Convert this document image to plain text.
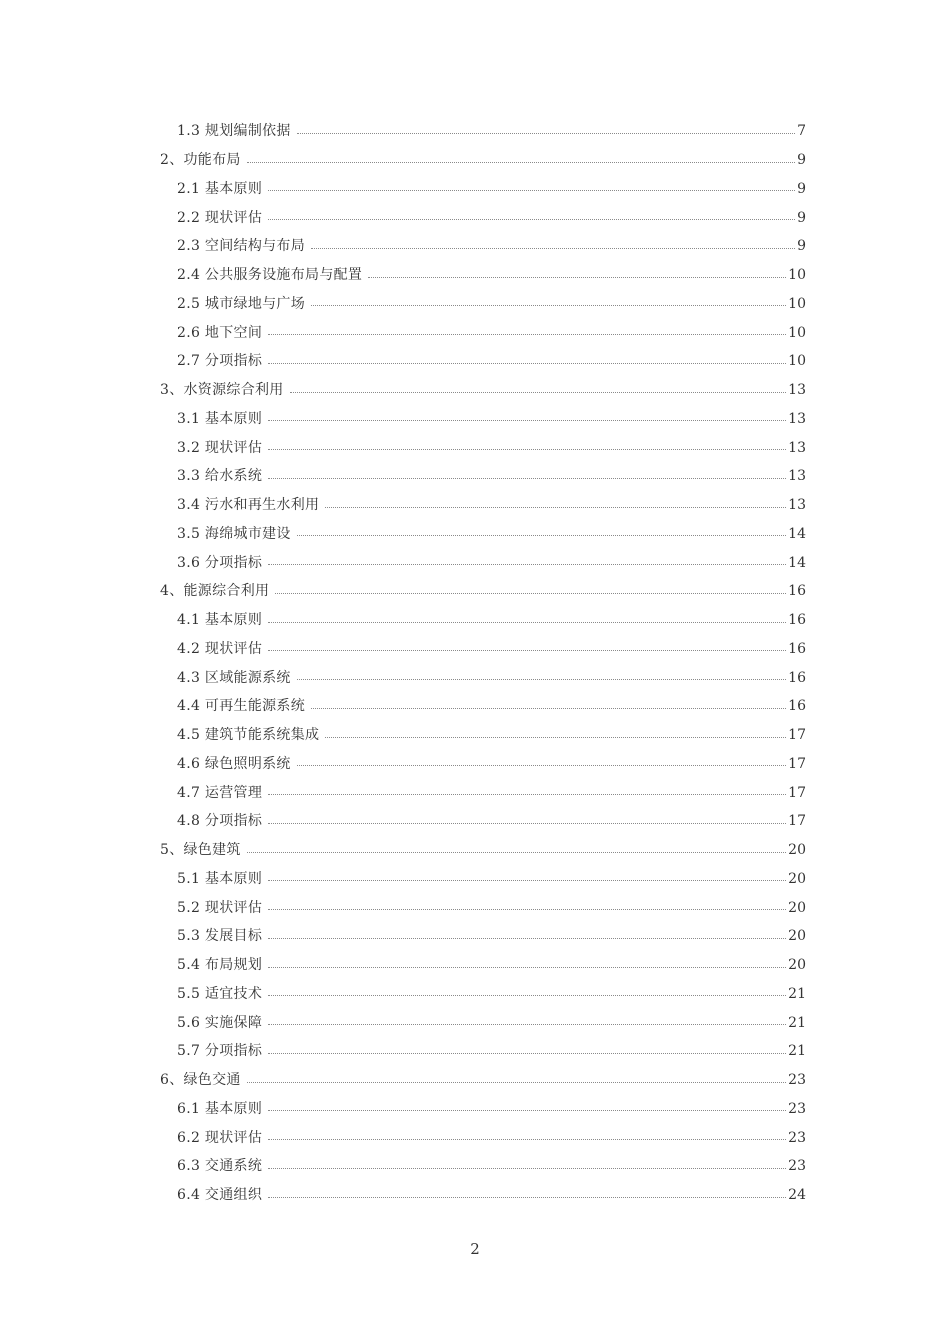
1.3 规划编制依据	7
2、功能布局	9
2.1 基本原则	9
2.2 现状评估	9
2.3 空间结构与布局	9
2.4 公共服务设施布局与配置	10
2.5 城市绿地与广场	10
2.6 地下空间	10
2.7 分项指标	10
3、水资源综合利用	13
3.1 基本原则	13
3.2 现状评估	13
3.3 给水系统	13
3.4 污水和再生水利用	13
3.5 海绵城市建设	14
3.6 分项指标	14
4、能源综合利用	16
4.1 基本原则	16
4.2 现状评估	16
4.3 区域能源系统	16
4.4 可再生能源系统	16
4.5 建筑节能系统集成	17
4.6 绿色照明系统	17
4.7 运营管理	17
4.8 分项指标	17
5、绿色建筑	20
5.1 基本原则	20
5.2 现状评估	20
5.3 发展目标	20
5.4 布局规划	20
5.5 适宜技术	21
5.6 实施保障	21
5.7 分项指标	21
6、绿色交通	23
6.1 基本原则	23
6.2 现状评估	23
6.3 交通系统	23
6.4 交通组织	24
2
